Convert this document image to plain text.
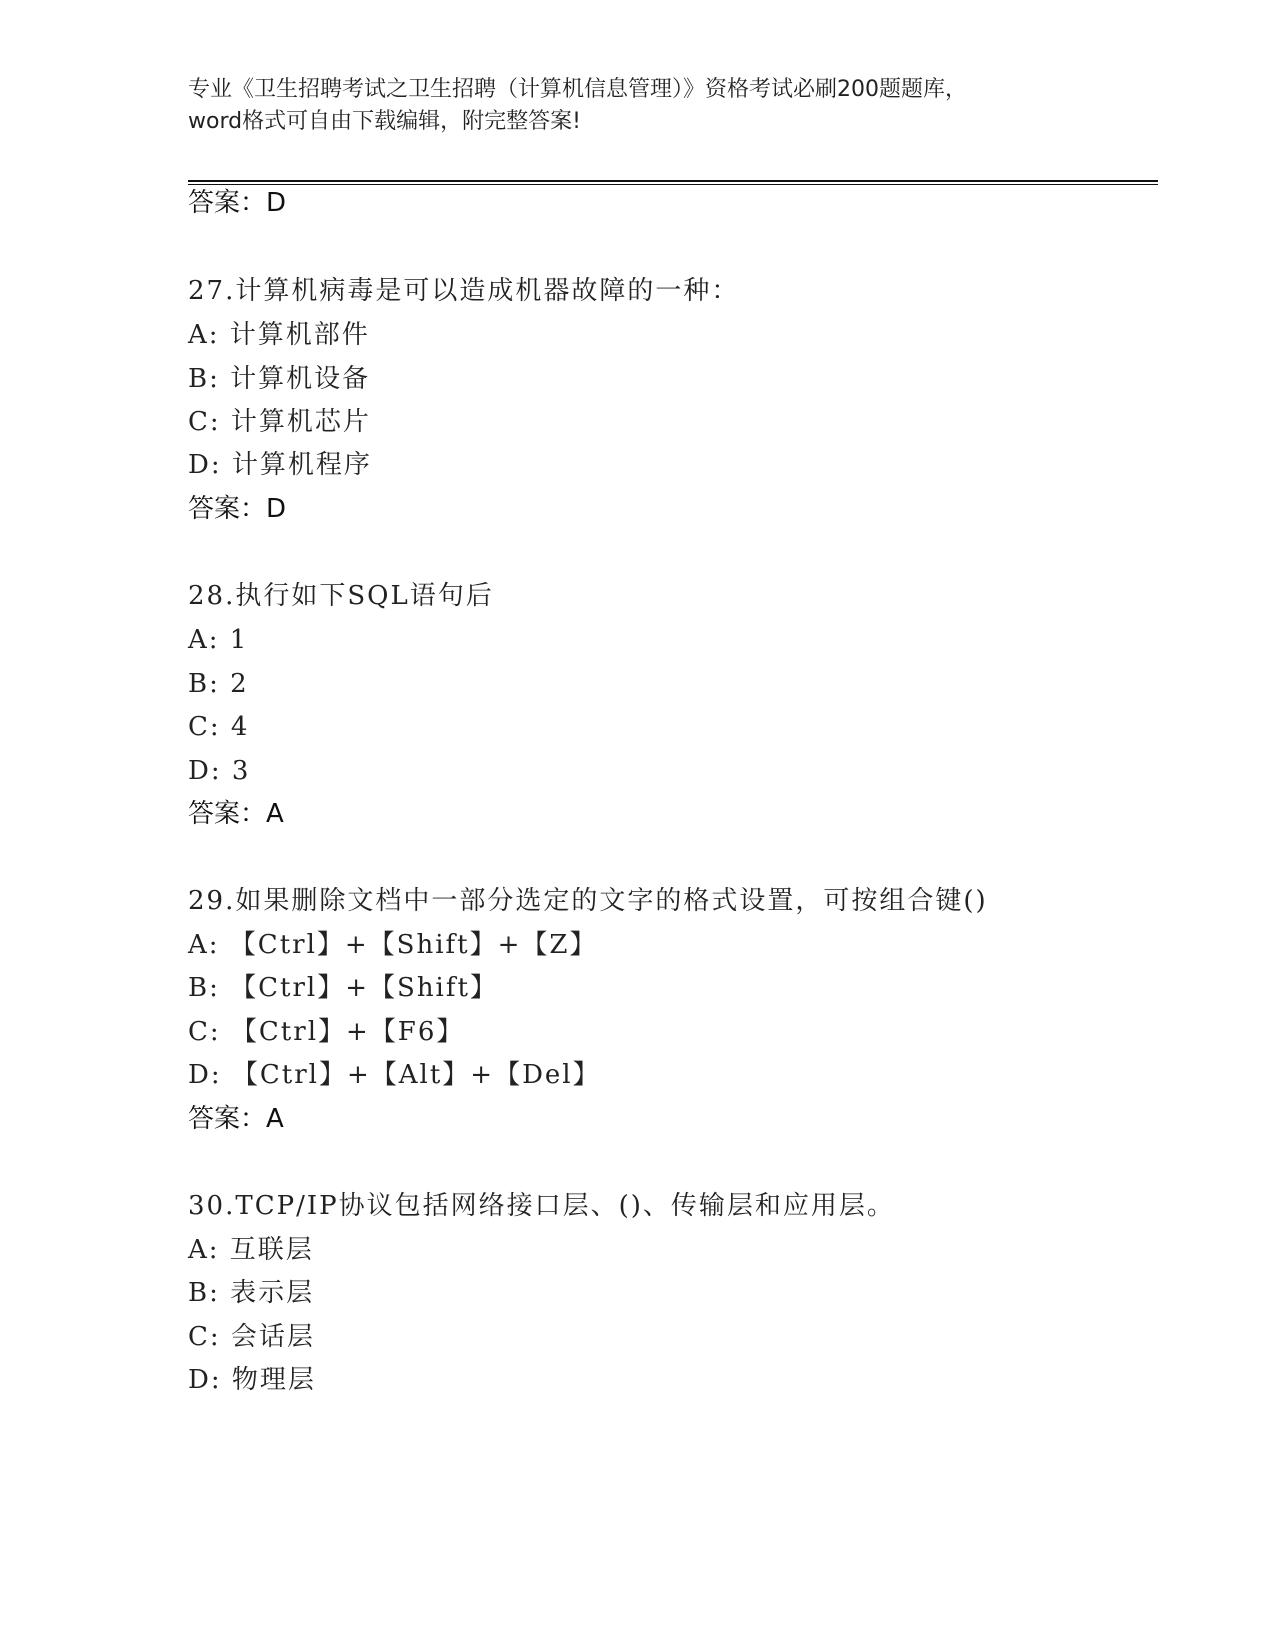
专业《卫生招聘考试之卫生招聘（计算机信息管理）》资格考试必刷200题题库，
word格式可自由下载编辑，附完整答案!
答案：D
27.计算机病毒是可以造成机器故障的一种：
A: 计算机部件
B: 计算机设备
C: 计算机芯片
D: 计算机程序
答案：D
28.执行如下SQL语句后
A: 1
B: 2
C: 4
D: 3
答案：A
29.如果删除文档中一部分选定的文字的格式设置，可按组合键()
A: 【Ctrl】+【Shift】+【Z】
B: 【Ctrl】+【Shift】
C: 【Ctrl】+【F6】
D: 【Ctrl】+【Alt】+【Del】
答案：A
30.TCP/IP协议包括网络接口层、()、传输层和应用层。
A: 互联层
B: 表示层
C: 会话层
D: 物理层
